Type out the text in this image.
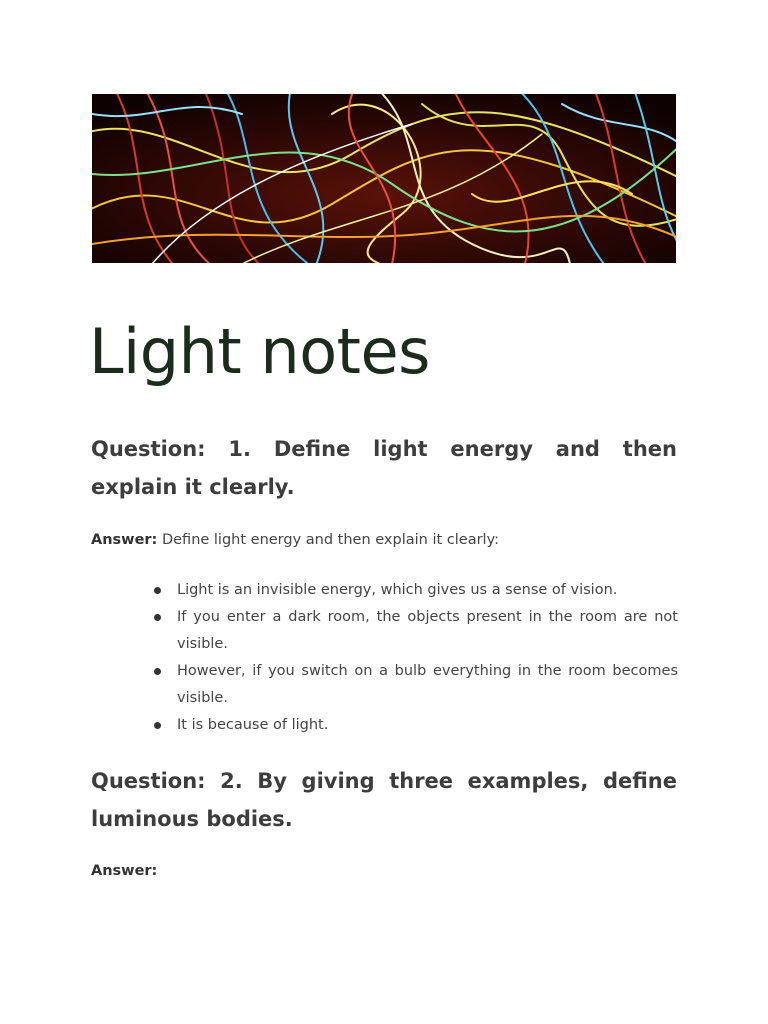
Light notes
Question: 1. Define light energy and then explain it clearly.

Answer: Define light energy and then explain it clearly:

Light is an invisible energy, which gives us a sense of vision.
If you enter a dark room, the objects present in the room are not visible.
However, if you switch on a bulb everything in the room becomes visible.
It is because of light.
Question: 2. By giving three examples, define luminous bodies.

Answer:
